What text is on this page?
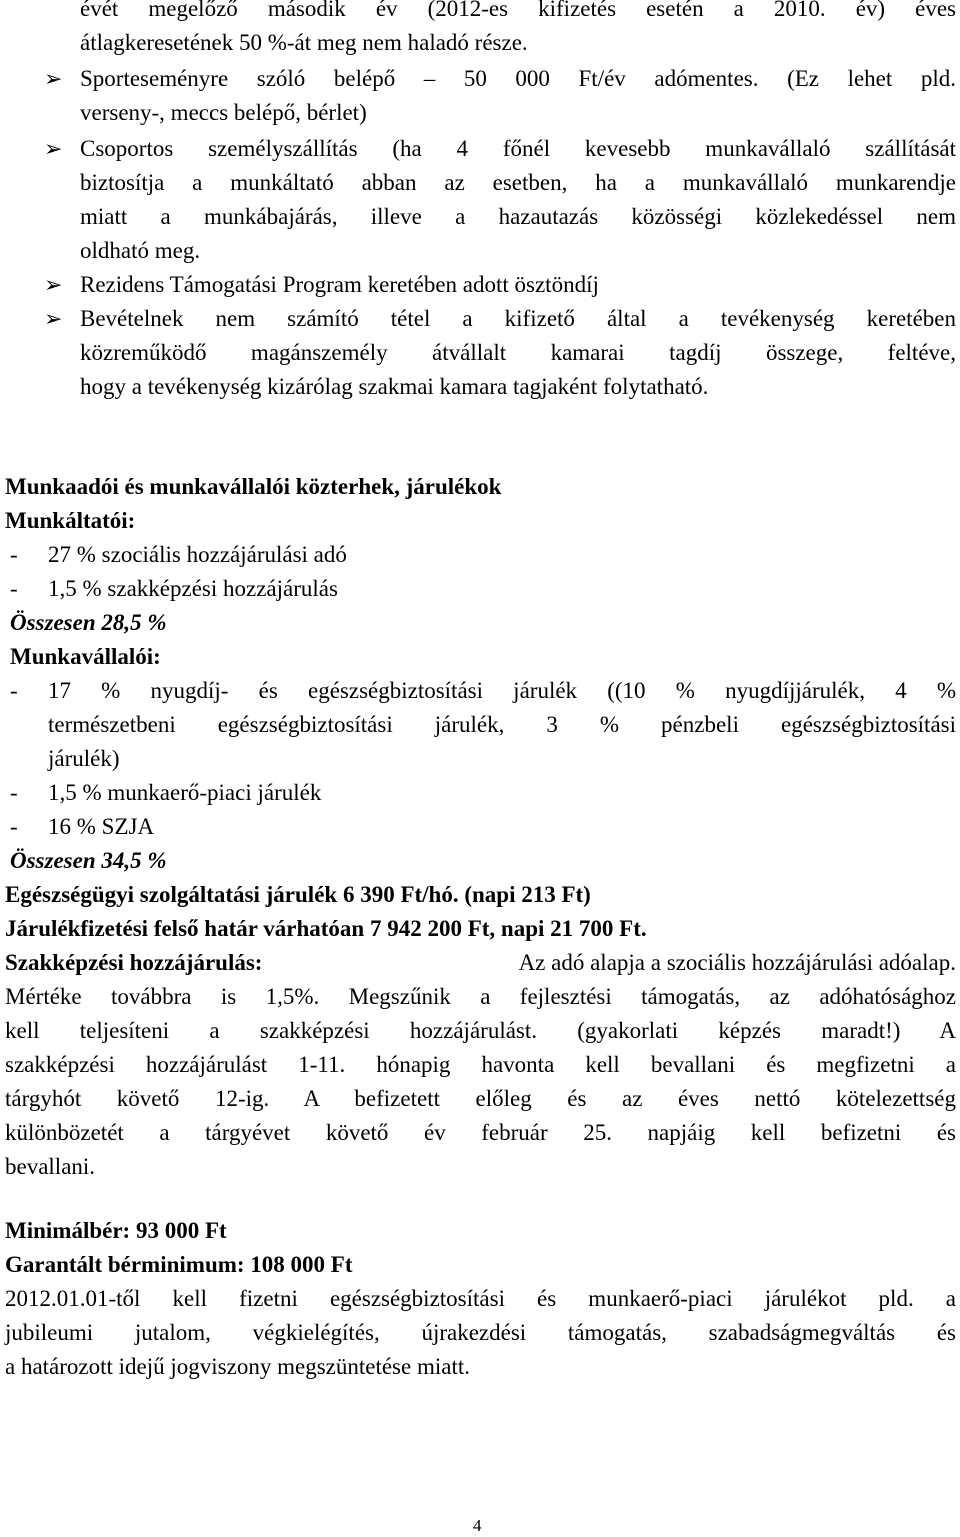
évét megelőző második év (2012-es kifizetés esetén a 2010. év) éves
átlagkeresetének 50 %-át meg nem haladó része.
➢ Sporteseményre szóló belépő – 50 000 Ft/év adómentes. (Ez lehet pld.
verseny-, meccs belépő, bérlet)
➢ Csoportos személyszállítás (ha 4 főnél kevesebb munkavállaló szállítását
biztosítja a munkáltató abban az esetben, ha a munkavállaló munkarendje
miatt a munkábajárás, illeve a hazautazás közösségi közlekedéssel nem
oldható meg.
➢ Rezidens Támogatási Program keretében adott ösztöndíj
➢ Bevételnek nem számító tétel a kifizető által a tevékenység keretében
közreműködő magánszemély átvállalt kamarai tagdíj összege, feltéve,
hogy a tevékenység kizárólag szakmai kamara tagjaként folytatható.
Munkaadói és munkavállalói közterhek, járulékok
Munkáltatói:
- 27 % szociális hozzájárulási adó
- 1,5 % szakképzési hozzájárulás
Összesen 28,5 %
Munkavállalói:
- 17 % nyugdíj- és egészségbiztosítási járulék ((10 % nyugdíjjárulék, 4 %
természetbeni egészségbiztosítási járulék, 3 % pénzbeli egészségbiztosítási
járulék)
- 1,5 % munkaerő-piaci járulék
- 16 % SZJA
Összesen 34,5 %
Egészségügyi szolgáltatási járulék 6 390 Ft/hó. (napi 213 Ft)
Járulékfizetési felső határ várhatóan 7 942 200 Ft, napi 21 700 Ft.
Szakképzési hozzájárulás:	Az adó alapja a szociális hozzájárulási adóalap.
Mértéke továbbra is 1,5%. Megszűnik a fejlesztési támogatás, az adóhatósághoz
kell teljesíteni a szakképzési hozzájárulást. (gyakorlati képzés maradt!) A
szakképzési hozzájárulást 1-11. hónapig havonta kell bevallani és megfizetni a
tárgyhót követő 12-ig. A befizetett előleg és az éves nettó kötelezettség
különbözetét a tárgyévet követő év február 25. napjáig kell befizetni és
bevallani.
Minimálbér: 93 000 Ft
Garantált bérminimum: 108 000 Ft
2012.01.01-től kell fizetni egészségbiztosítási és munkaerő-piaci járulékot pld. a
jubileumi jutalom, végkielégítés, újrakezdési támogatás, szabadságmegváltás és
a határozott idejű jogviszony megszüntetése miatt.
4
